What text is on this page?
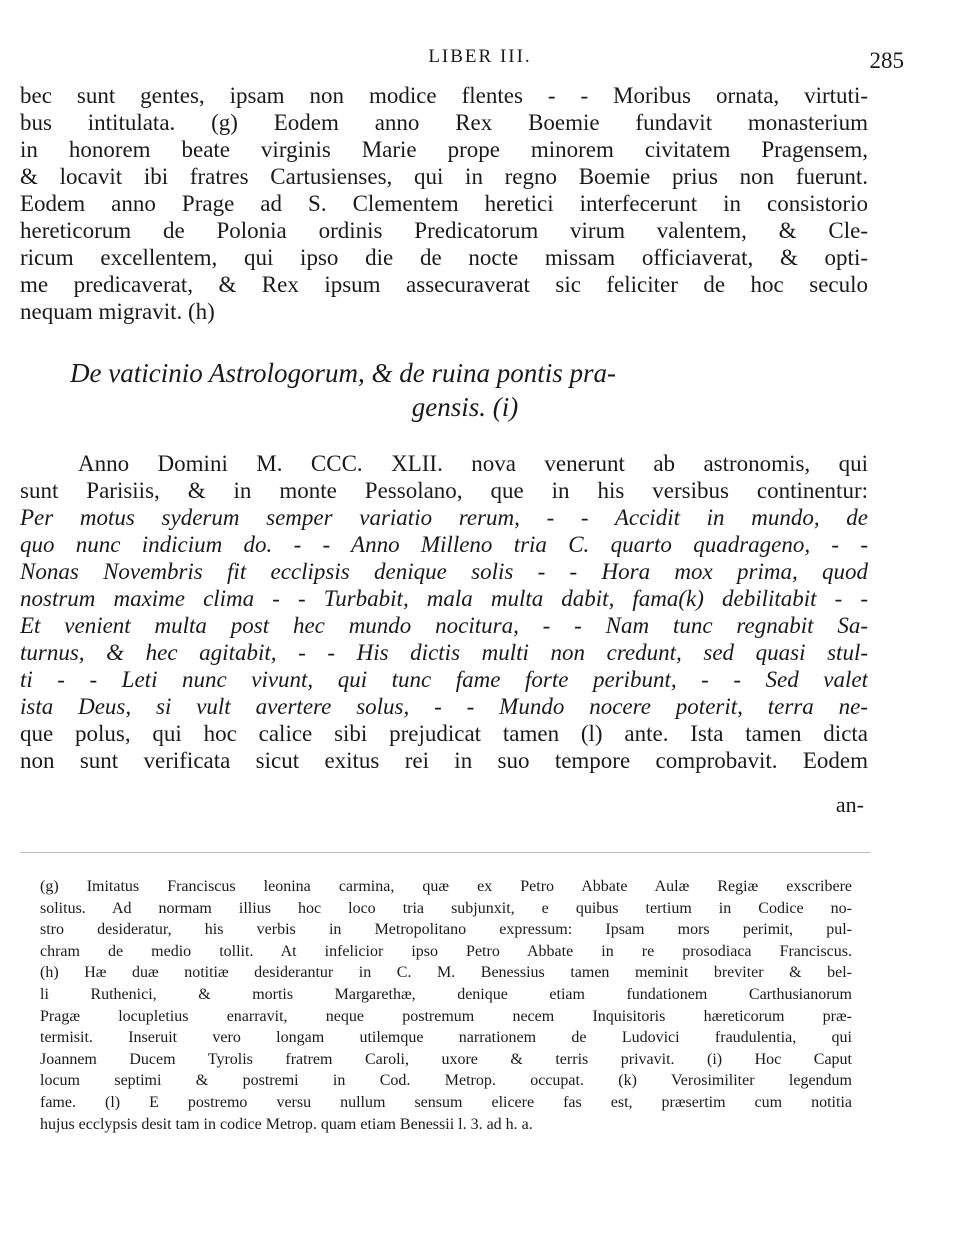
LIBER III.	285
bec sunt gentes, ipsam non modice flentes - - Moribus ornata, virtuti-
bus intitulata. (g) Eodem anno Rex Boemie fundavit monasterium
in honorem beate virginis Marie prope minorem civitatem Pragensem,
& locavit ibi fratres Cartusienses, qui in regno Boemie prius non fuerunt.
Eodem anno Prage ad S. Clementem heretici interfecerunt in consistorio
hereticorum de Polonia ordinis Predicatorum virum valentem, & Cle-
ricum excellentem, qui ipso die de nocte missam officiaverat, & opti-
me predicaverat, & Rex ipsum assecuraverat sic feliciter de hoc seculo
nequam migravit. (h)
De vaticinio Astrologorum, & de ruina pontis pra-
gensis. (i)
Anno Domini M. CCC. XLII. nova venerunt ab astronomis, qui
sunt Parisiis, & in monte Pessolano, que in his versibus continentur:
Per motus syderum semper variatio rerum, - - Accidit in mundo, de
quo nunc indicium do. - - Anno Milleno tria C. quarto quadrageno, - -
Nonas Novembris fit ecclipsis denique solis - - Hora mox prima, quod
nostrum maxime clima - - Turbabit, mala multa dabit, fama(k) debilitabit - -
Et venient multa post hec mundo nocitura, - - Nam tunc regnabit Sa-
turnus, & hec agitabit, - - His dictis multi non credunt, sed quasi stul-
ti - - Leti nunc vivunt, qui tunc fame forte peribunt, - - Sed valet
ista Deus, si vult avertere solus, - - Mundo nocere poterit, terra ne-
que polus, qui hoc calice sibi prejudicat tamen (l) ante. Ista tamen dicta
non sunt verificata sicut exitus rei in suo tempore comprobavit. Eodem
an-
(g) Imitatus Franciscus leonina carmina, quæ ex Petro Abbate Aulæ Regiæ exscribere
solitus. Ad normam illius hoc loco tria subjunxit, e quibus tertium in Codice no-
stro desideratur, his verbis in Metropolitano expressum: Ipsam mors perimit, pul-
chram de medio tollit. At infelicior ipso Petro Abbate in re prosodiaca Franciscus.
(h) Hæ duæ notitiæ desiderantur in C. M. Benessius tamen meminit breviter & bel-
li Ruthenici, & mortis Margarethæ, denique etiam fundationem Carthusianorum
Pragæ locupletius enarravit, neque postremum necem Inquisitoris hæreticorum præ-
termisit. Inseruit vero longam utilemque narrationem de Ludovici fraudulentia, qui
Joannem Ducem Tyrolis fratrem Caroli, uxore & terris privavit. (i) Hoc Caput
locum septimi & postremi in Cod. Metrop. occupat. (k) Verosimiliter legendum
fame. (l) E postremo versu nullum sensum elicere fas est, præsertim cum notitia
hujus ecclypsis desit tam in codice Metrop. quam etiam Benessii l. 3. ad h. a.
